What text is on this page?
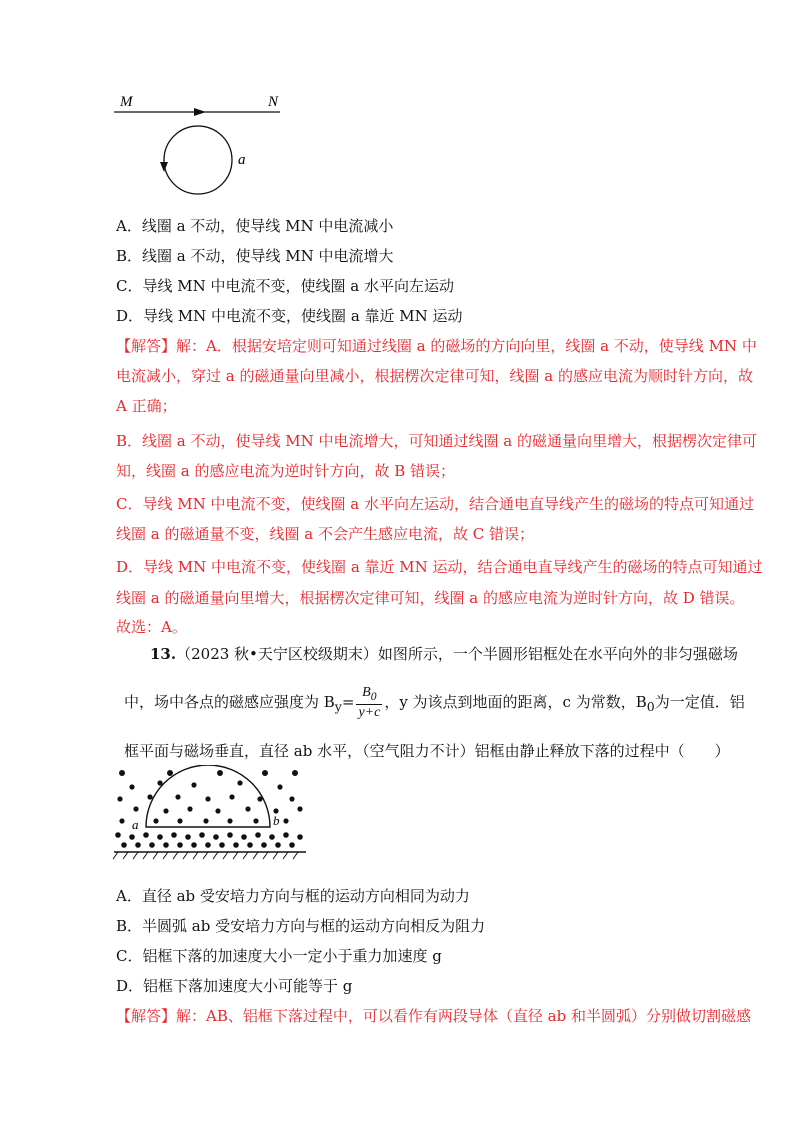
M	N
a
A．线圈 a 不动，使导线 MN 中电流减小
B．线圈 a 不动，使导线 MN 中电流增大
C．导线 MN 中电流不变，使线圈 a 水平向左运动
D．导线 MN 中电流不变，使线圈 a 靠近 MN 运动
【解答】解：A．根据安培定则可知通过线圈 a 的磁场的方向向里，线圈 a 不动，使导线 MN 中
电流减小，穿过 a 的磁通量向里减小，根据楞次定律可知，线圈 a 的感应电流为顺时针方向，故
A 正确；
B．线圈 a 不动，使导线 MN 中电流增大，可知通过线圈 a 的磁通量向里增大，根据楞次定律可
知，线圈 a 的感应电流为逆时针方向，故 B 错误；
C．导线 MN 中电流不变，使线圈 a 水平向左运动，结合通电直导线产生的磁场的特点可知通过
线圈 a 的磁通量不变，线圈 a 不会产生感应电流，故 C 错误；
D．导线 MN 中电流不变，使线圈 a 靠近 MN 运动，结合通电直导线产生的磁场的特点可知通过
线圈 a 的磁通量向里增大，根据楞次定律可知，线圈 a 的感应电流为逆时针方向，故 D 错误。
故选：A。
13.（2023 秋•天宁区校级期末）如图所示，一个半圆形铝框处在水平向外的非匀强磁场
中，场中各点的磁感应强度为 $B_y= \frac{B_0}{y+c}$ ，y 为该点到地面的距离，c 为常数，$B_0$为一定值．铝
框平面与磁场垂直，直径 ab 水平，（空气阻力不计）铝框由静止释放下落的过程中（　　）
a	b
A．直径 ab 受安培力方向与框的运动方向相同为动力
B．半圆弧 ab 受安培力方向与框的运动方向相反为阻力
C．铝框下落的加速度大小一定小于重力加速度 g
D．铝框下落加速度大小可能等于 g
【解答】解：AB、铝框下落过程中，可以看作有两段导体（直径 ab 和半圆弧）分别做切割磁感
